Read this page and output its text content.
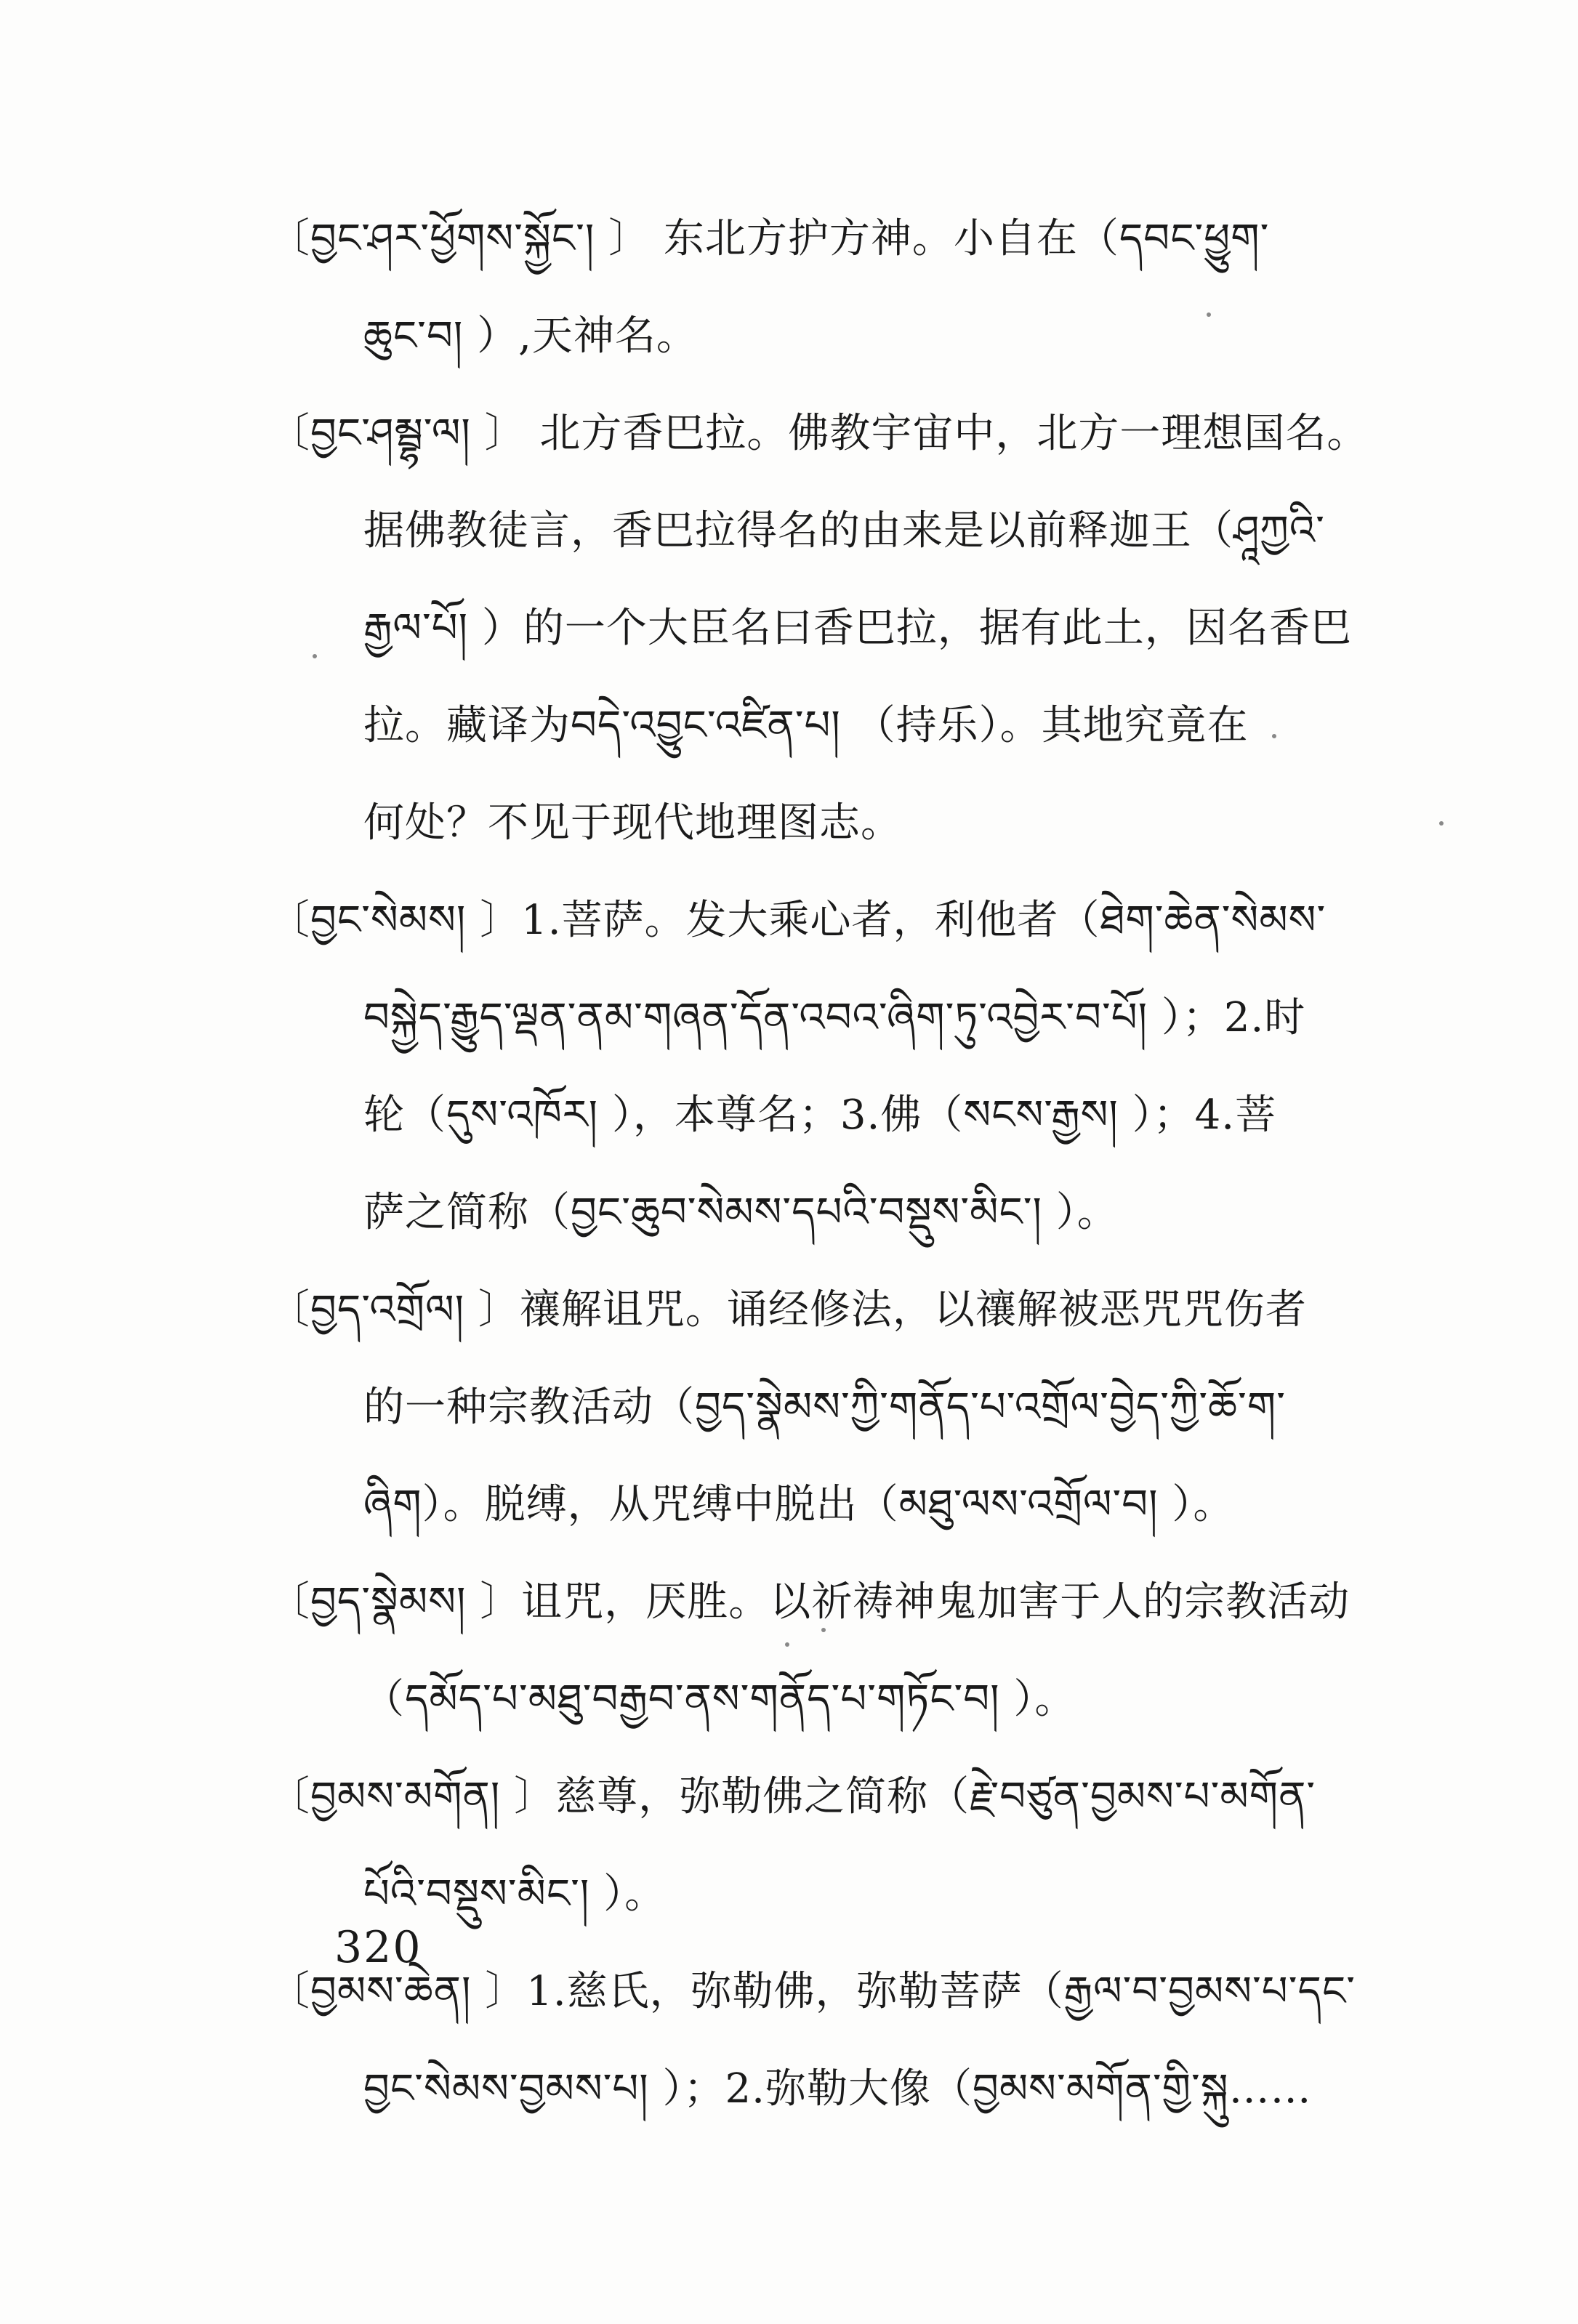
〔བྱང་ཤར་ཕྱོགས་སྐྱོང་། 〕 东北方护方神。小自在（དབང་ཕྱུག་
ཆུང་བ། ）,天神名。
〔བྱང་ཤམྦྷ་ལ། 〕 北方香巴拉。佛教宇宙中，北方一理想国名。
据佛教徒言，香巴拉得名的由来是以前释迦王（ཤཱཀྱའི་
རྒྱལ་པོ། ）的一个大臣名曰香巴拉，据有此土，因名香巴
拉。藏译为བདེ་འབྱུང་འཛིན་པ། （持乐）。其地究竟在
何处？不见于现代地理图志。
〔བྱང་སེམས། 〕1.菩萨。发大乘心者，利他者（ཐེག་ཆེན་སེམས་
བསྐྱེད་རྒྱུད་ལྡན་ནམ་གཞན་དོན་འབའ་ཞིག་ཏུ་འབྱེར་བ་པོ། ）；2.时
轮（དུས་འཁོར། ），本尊名；3.佛（སངས་རྒྱས། ）；4.菩
萨之简称（བྱང་ཆུབ་སེམས་དཔའི་བསྡུས་མིང་། ）。
〔བྱད་འགྲོལ། 〕禳解诅咒。诵经修法，以禳解被恶咒咒伤者
的一种宗教活动（བྱད་སྣེམས་ཀྱི་གནོད་པ་འགྲོལ་བྱེད་ཀྱི་ཆོ་ག་
ཞིག）。脱缚，从咒缚中脱出（མཐུ་ལས་འགྲོལ་བ། ）。
〔བྱད་སྣེམས། 〕诅咒，厌胜。以祈祷神鬼加害于人的宗教活动
（དམོད་པ་མཐུ་བརྒྱབ་ནས་གནོད་པ་གཏོང་བ། ）。
〔བྱམས་མགོན། 〕慈尊，弥勒佛之简称（རྗེ་བཙུན་བྱམས་པ་མགོན་
པོའི་བསྡུས་མིང་། ）。
〔བྱམས་ཆེན། 〕1.慈氏，弥勒佛，弥勒菩萨（རྒྱལ་བ་བྱམས་པ་དང་
བྱང་སེམས་བྱམས་པ། ）；2.弥勒大像（བྱམས་མགོན་གྱི་སྐུ……
320
